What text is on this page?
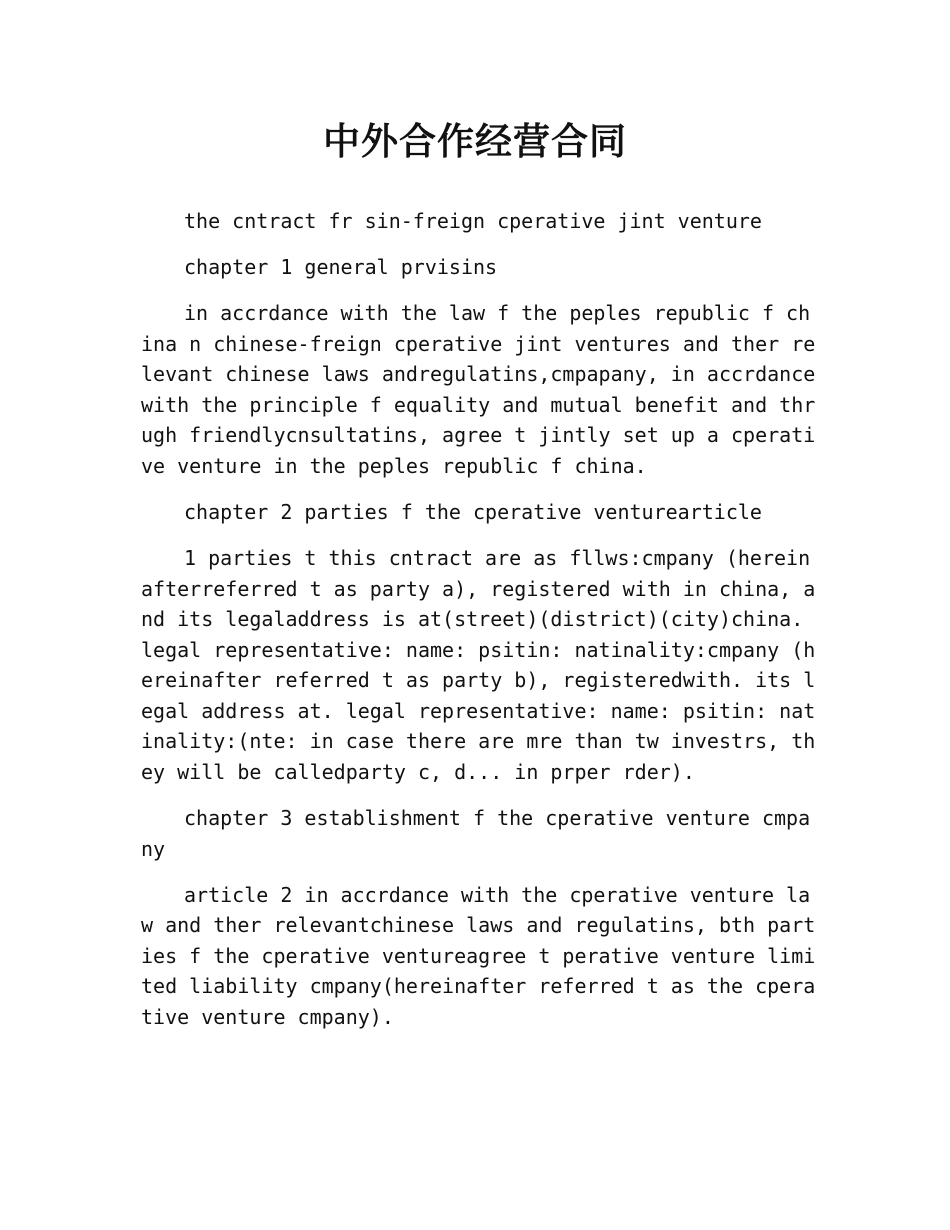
中外合作经营合同

the cntract fr sin-freign cperative jint venture

chapter 1 general prvisins

in accrdance with the law f the peples republic f china n chinese-freign cperative jint ventures and ther relevant chinese laws andregulatins,cmpapany, in accrdancewith the principle f equality and mutual benefit and thrugh friendlycnsultatins, agree t jintly set up a cperative venture in the peples republic f china.

chapter 2 parties f the cperative venturearticle

1 parties t this cntract are as fllws:cmpany (hereinafterreferred t as party a), registered with in china, and its legaladdress is at(street)(district)(city)china. legal representative: name: psitin: natinality:cmpany (hereinafter referred t as party b), registeredwith. its legal address at. legal representative: name: psitin: natinality:(nte: in case there are mre than tw investrs, they will be calledparty c, d... in prper rder).

chapter 3 establishment f the cperative venture cmpany

article 2 in accrdance with the cperative venture law and ther relevantchinese laws and regulatins, bth parties f the cperative ventureagree t perative venture limited liability cmpany(hereinafter referred t as the cperative venture cmpany).
